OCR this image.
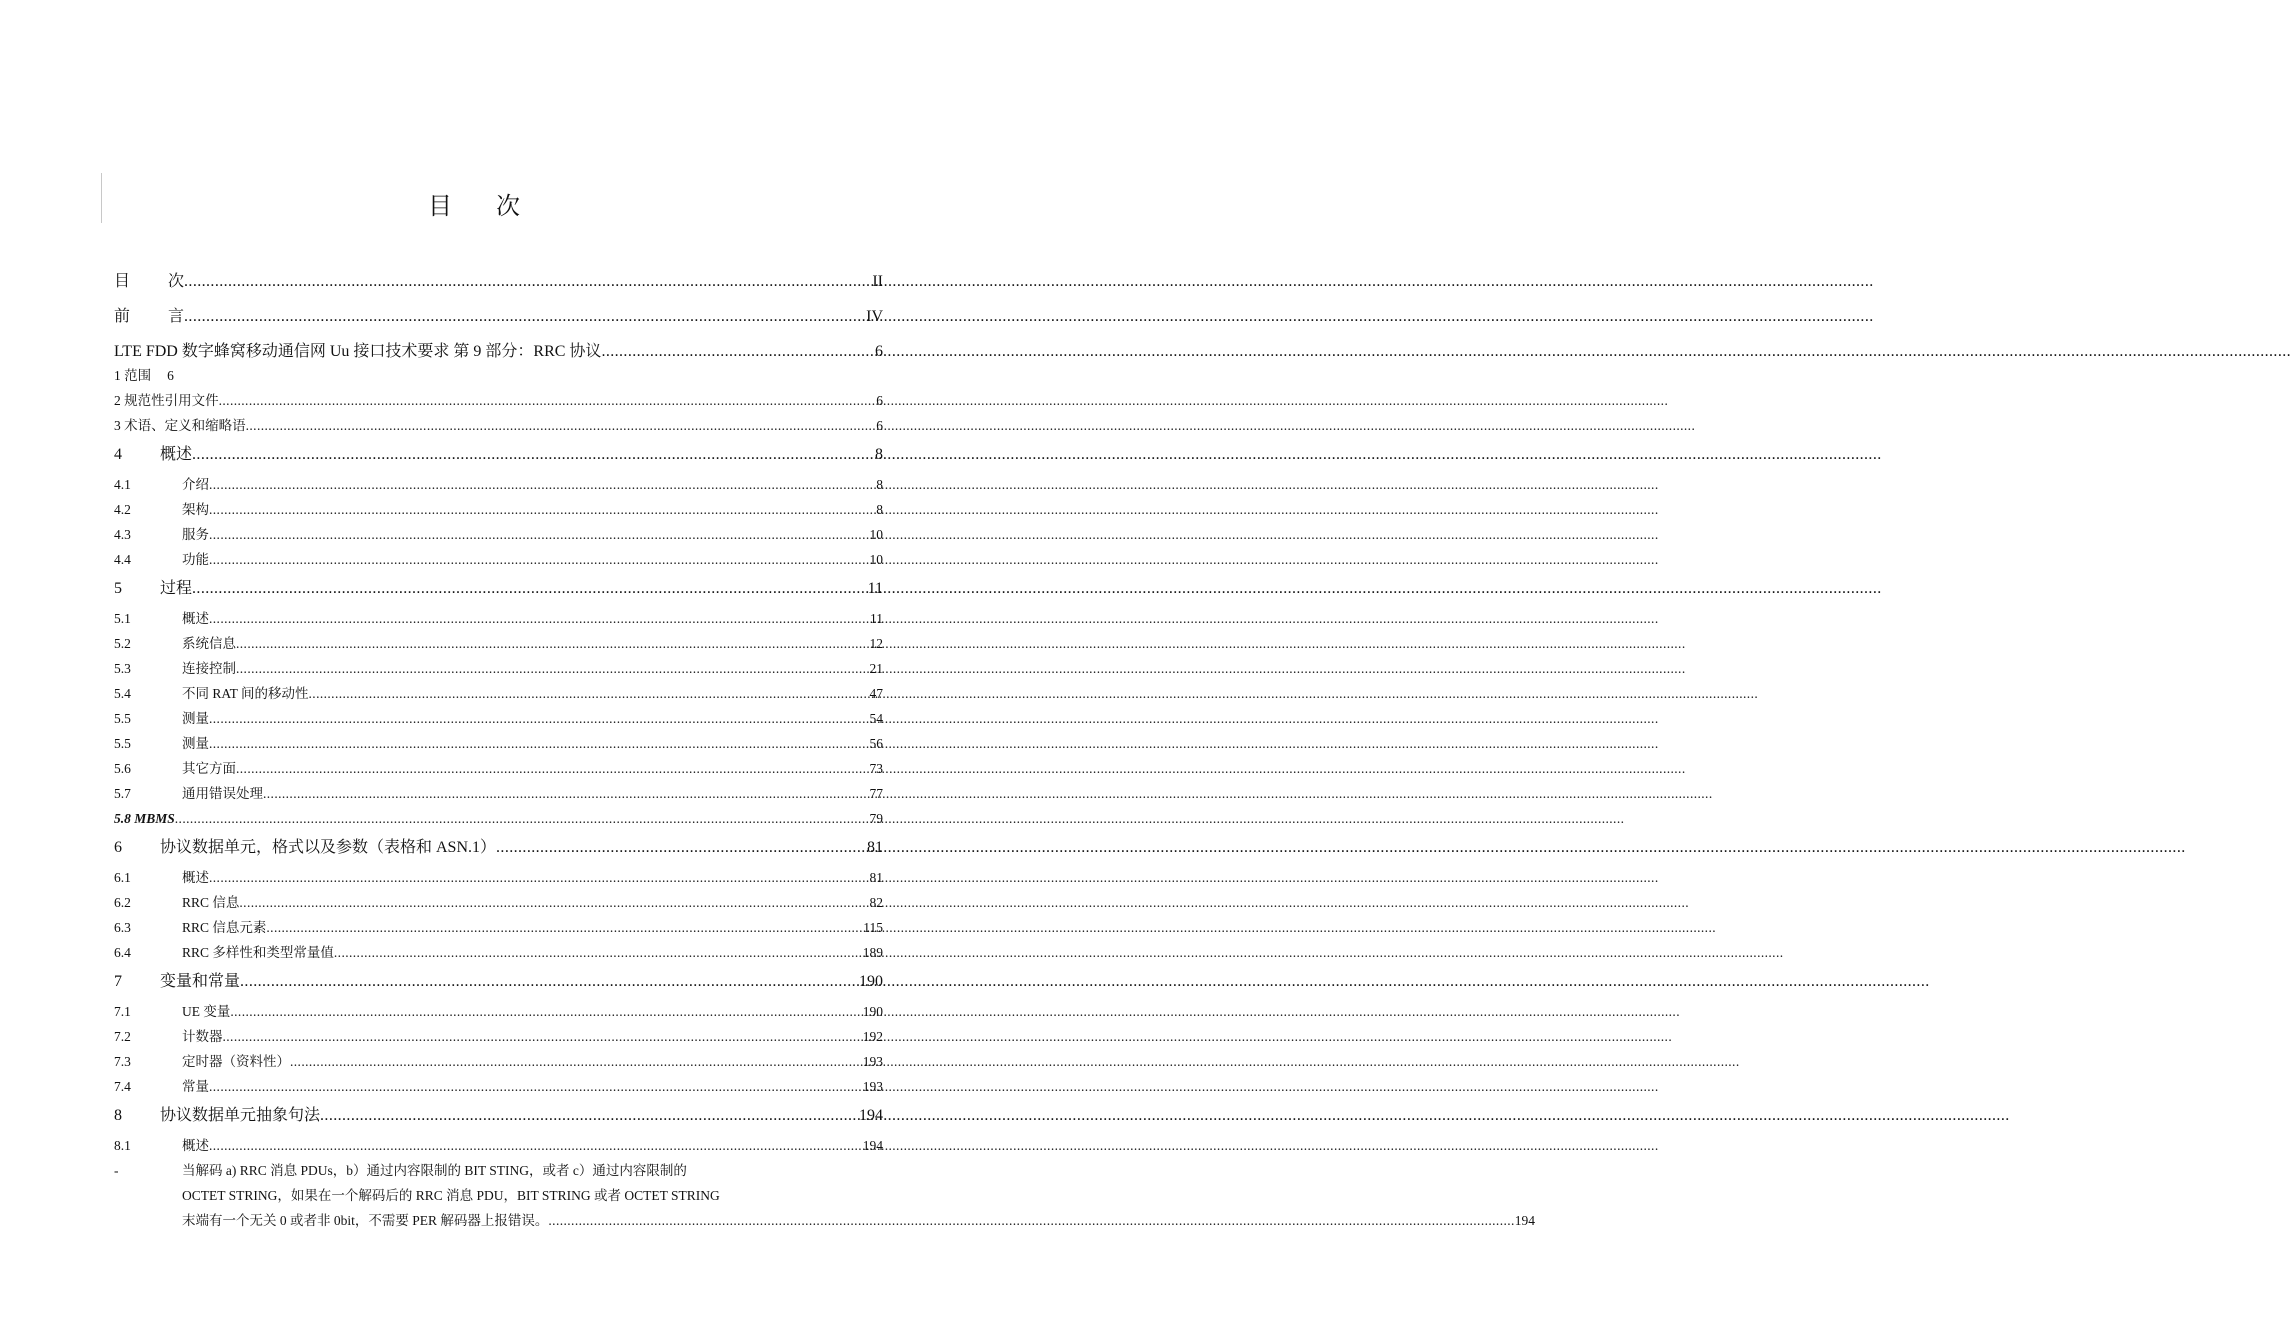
目 次
目 次 .....	II
前 言 .....	IV
LTE FDD 数字蜂窝移动通信网 Uu 接口技术要求 第 9 部分：RRC 协议 .....	6
1 范围 6
2 规范性引用文件 .....	6
3 术语、定义和缩略语 .....	6
4	概述 .....	8
4.1	介绍 .....	8
4.2	架构 .....	8
4.3	服务 .....	10
4.4	功能 .....	10
5	过程 .....	11
5.1	概述 .....	11
5.2	系统信息 .....	12
5.3	连接控制 .....	21
5.4	不同 RAT 间的移动性 .....	47
5.5	测量 .....	54
5.5	测量 .....	56
5.6	其它方面 .....	73
5.7	通用错误处理 .....	77
5.8 MBMS .....	79
6	协议数据单元，格式以及参数（表格和 ASN.1） .....	81
6.1	概述 .....	81
6.2	RRC 信息 .....	82
6.3	RRC 信息元素 .....	115
6.4	RRC 多样性和类型常量值 .....	189
7	变量和常量 .....	190
7.1	UE 变量 .....	190
7.2	计数器 .....	192
7.3	定时器（资料性） .....	193
7.4	常量 .....	193
8	协议数据单元抽象句法 .....	194
8.1	概述 .....	194
-	当解码 a) RRC 消息 PDUs，b）通过内容限制的 BIT STING，或者 c）通过内容限制的
OCTET STRING，如果在一个解码后的 RRC 消息 PDU，BIT STRING 或者 OCTET STRING
末端有一个无关 0 或者非 0bit，不需要 PER 解码器上报错误。 .....	194
